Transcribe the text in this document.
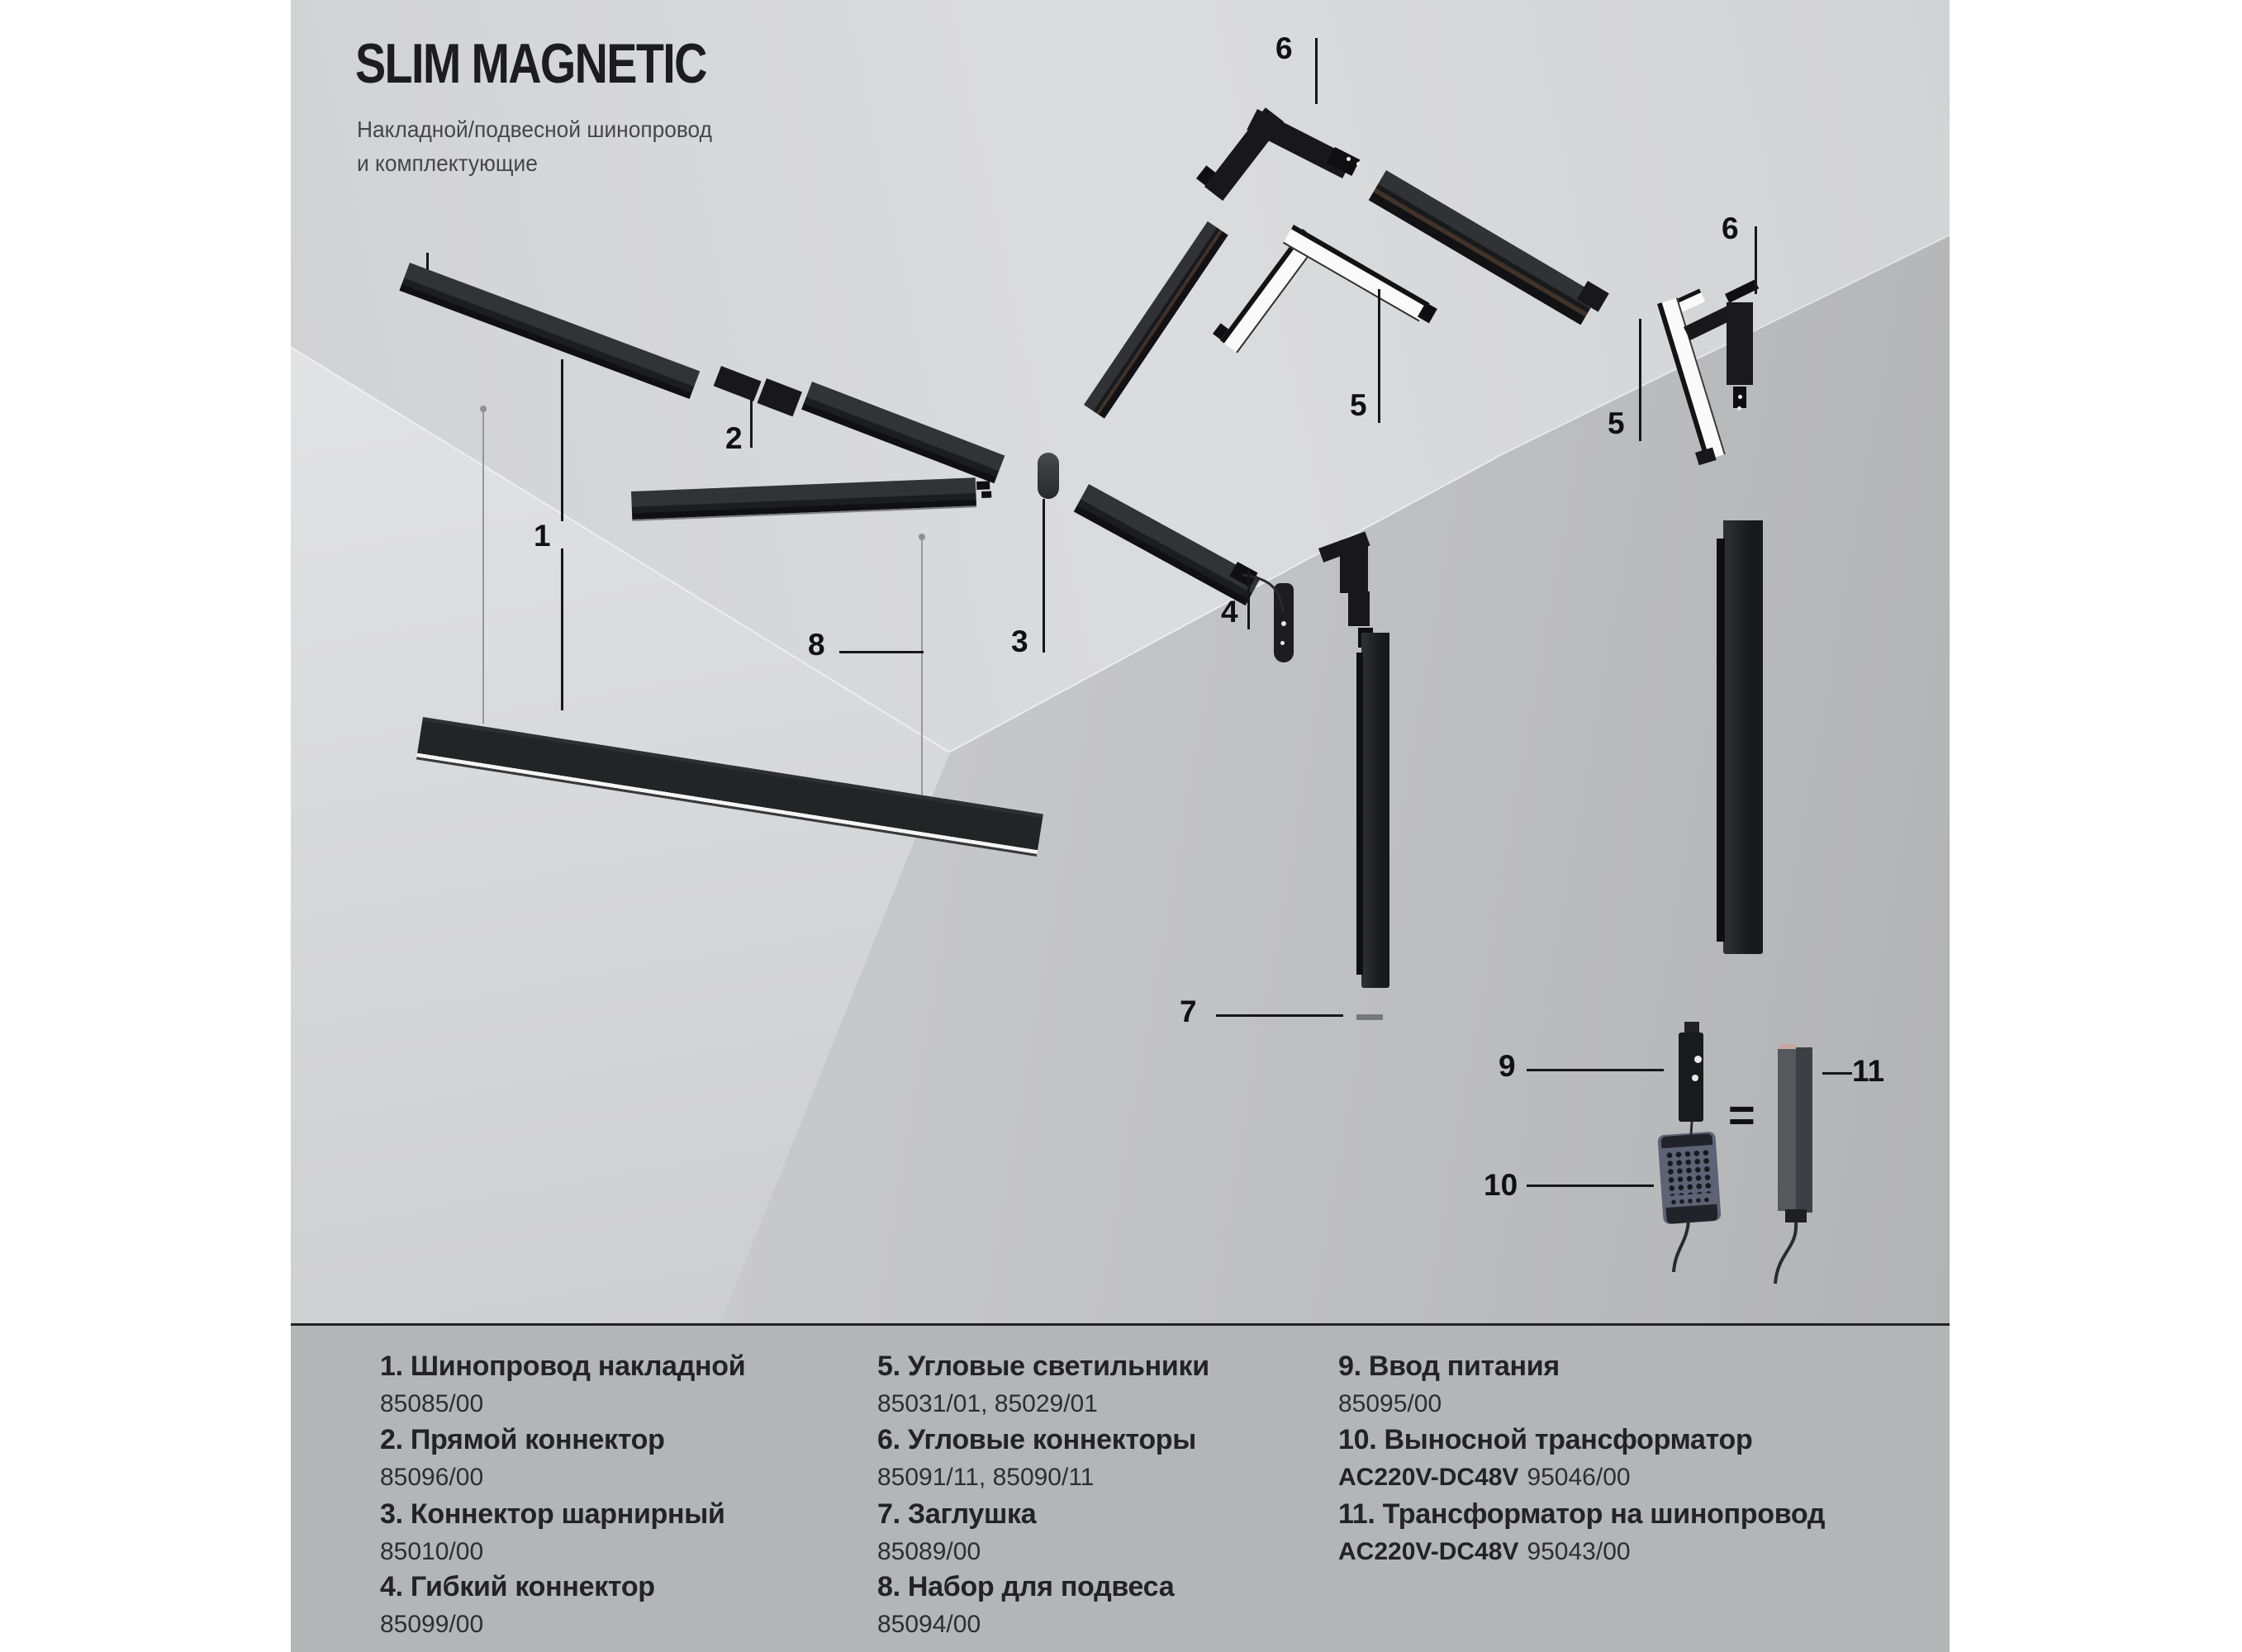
SLIM MAGNETIC
Накладной/подвесной шинопровод
и комплектующие
1
2
3
4
5
5
6
6
7
8
9
10
11
=
1. Шинопровод накладной
85085/00
2. Прямой коннектор
85096/00
3. Коннектор шарнирный
85010/00
4. Гибкий коннектор
85099/00
5. Угловые светильники
85031/01, 85029/01
6. Угловые коннекторы
85091/11, 85090/11
7. Заглушка
85089/00
8. Набор для подвеса
85094/00
9. Ввод питания
85095/00
10. Выносной трансформатор
AC220V-DC48V 95046/00
11. Трансформатор на шинопровод
AC220V-DC48V 95043/00
